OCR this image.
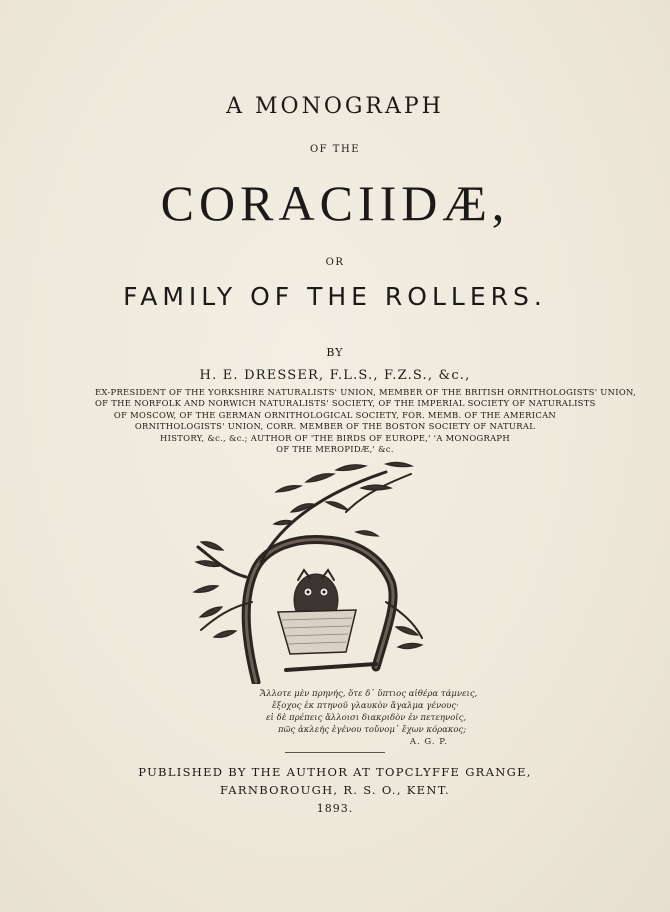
A MONOGRAPH
OF THE
CORACIIDÆ,
OR
FAMILY OF THE ROLLERS.
BY
H. E. DRESSER, F.L.S., F.Z.S., &c.,
EX-PRESIDENT OF THE YORKSHIRE NATURALISTS' UNION, MEMBER OF THE BRITISH ORNITHOLOGISTS' UNION,
OF THE NORFOLK AND NORWICH NATURALISTS' SOCIETY, OF THE IMPERIAL SOCIETY OF NATURALISTS
OF MOSCOW, OF THE GERMAN ORNITHOLOGICAL SOCIETY, FOR. MEMB. OF THE AMERICAN
ORNITHOLOGISTS' UNION, CORR. MEMBER OF THE BOSTON SOCIETY OF NATURAL
HISTORY, &c., &c.; AUTHOR OF 'THE BIRDS OF EUROPE,' 'A MONOGRAPH
OF THE MEROPIDÆ,' &c.
Ἄλλοτε μὲν πρηνής, ὅτε δ᾽ ὕπτιος αἰθέρα τάμνεις,
ἔξοχος ἐκ πτηνοῦ γλαυκὸν ἄγαλμα γένους·
εἰ δὲ πρέπεις ἄλλοισι διακριδὸν ἐν πετεηνοῖς,
πῶς ἀκλεὴς ἐγένου τοὔνομ᾽ ἔχων κόρακος;
A. G. P.
PUBLISHED BY THE AUTHOR AT TOPCLYFFE GRANGE,
FARNBOROUGH, R. S. O., KENT.
1893.
